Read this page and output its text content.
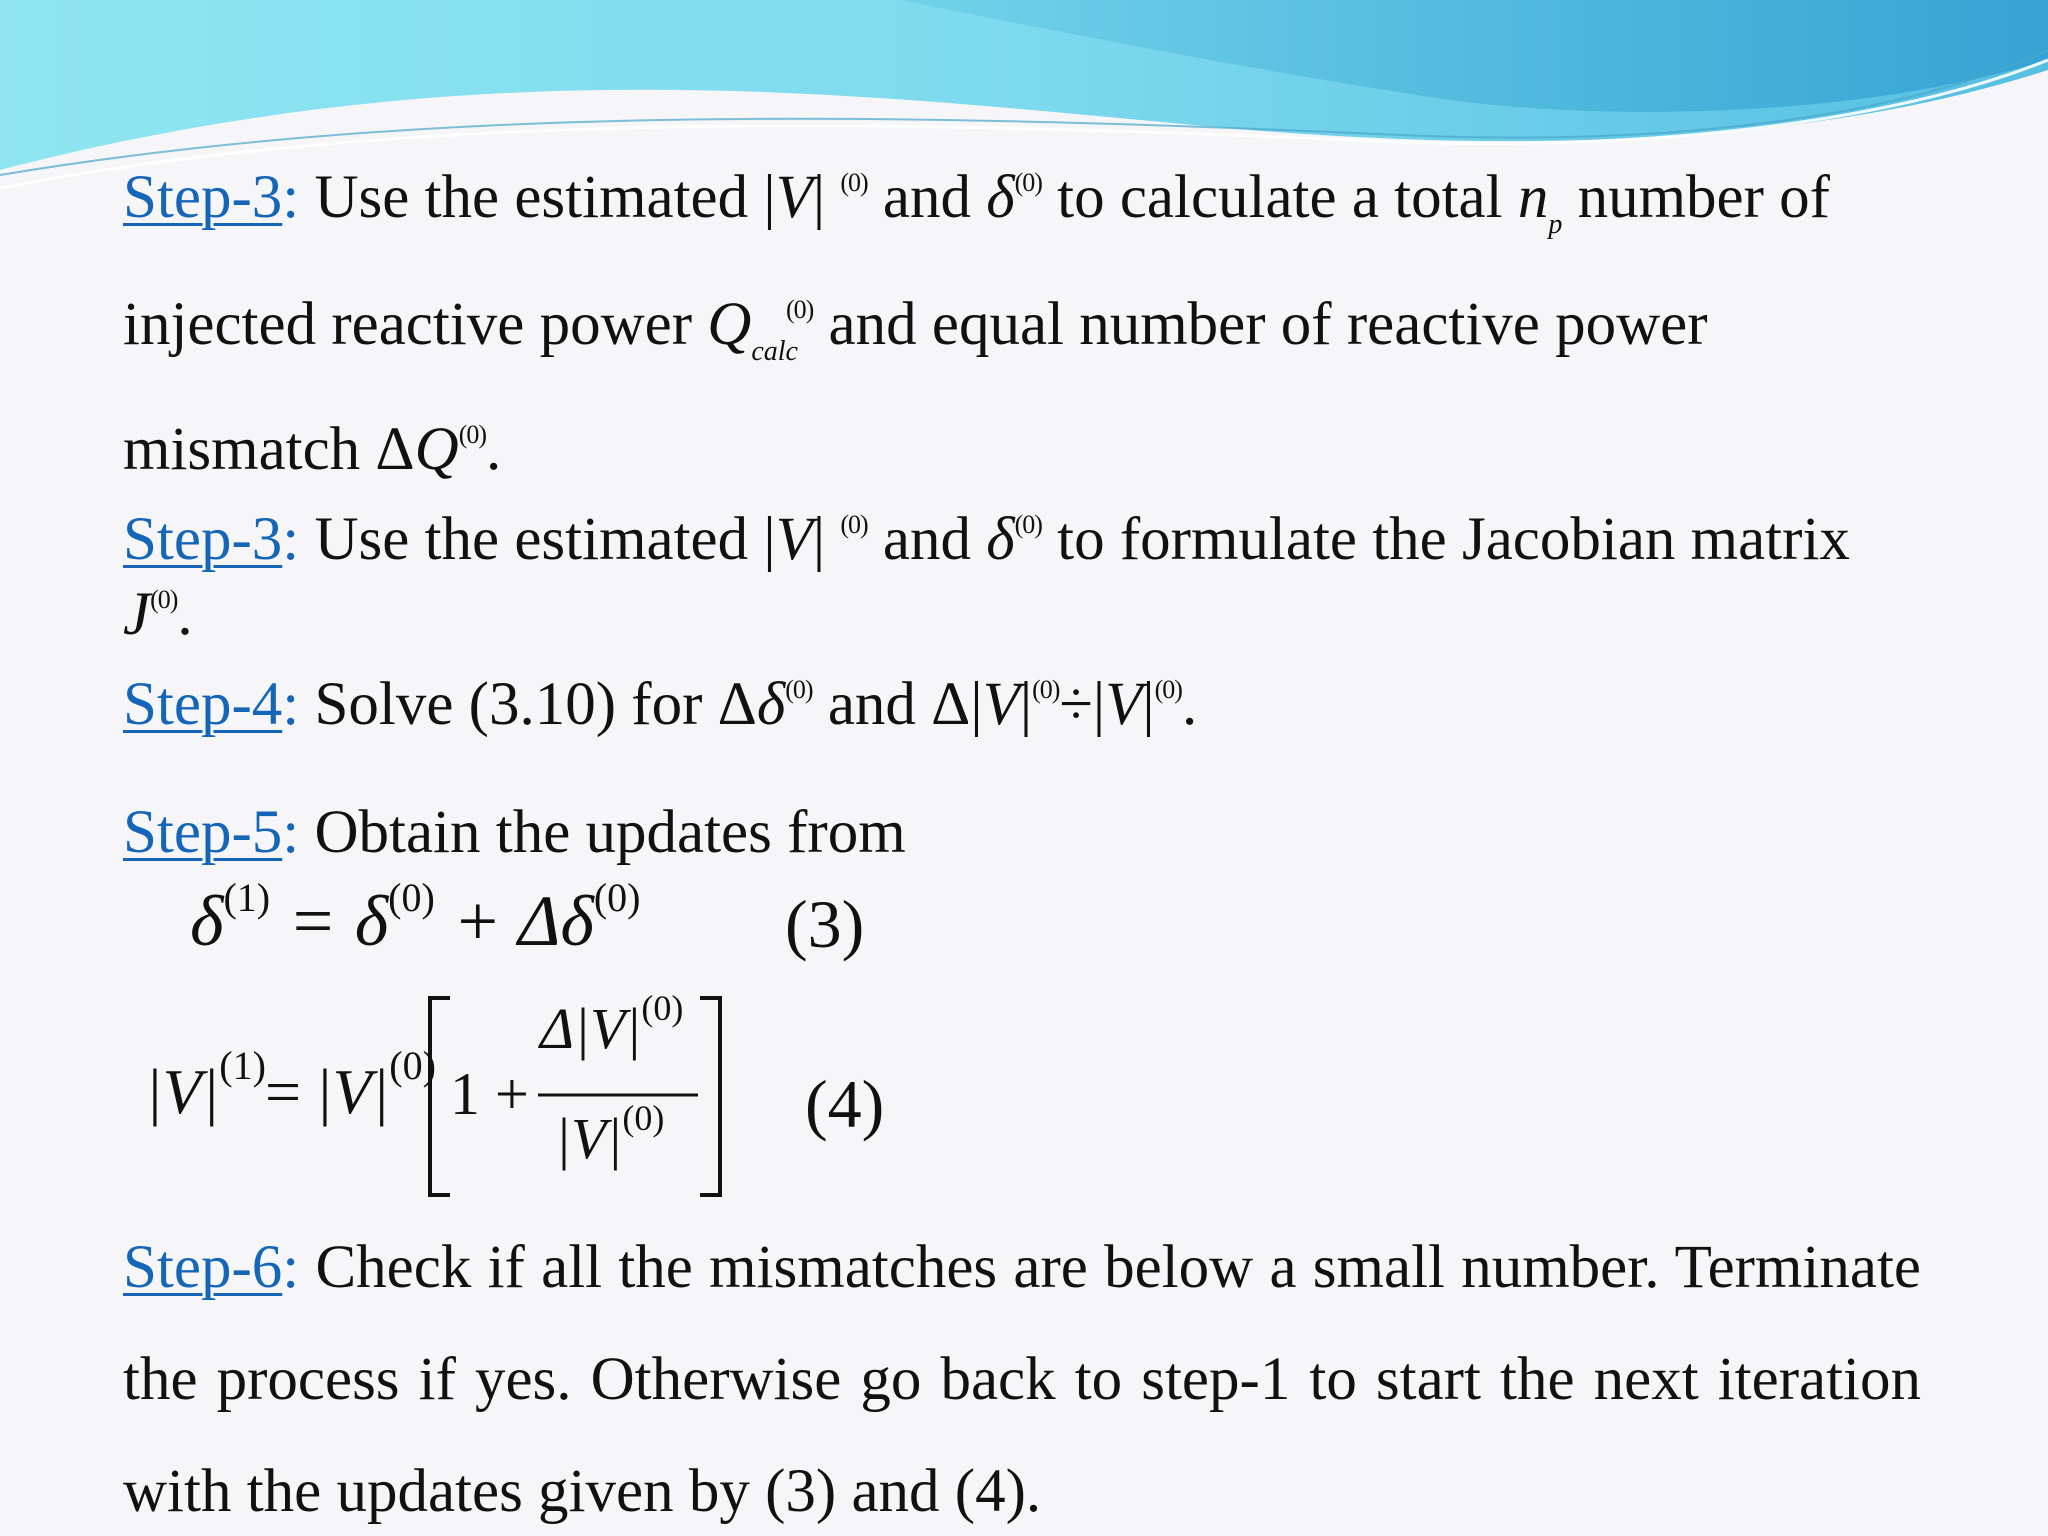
Step-3: Use the estimated |V| $^{(0)}$ and $\delta^{(0)}$ to calculate a total $n_p$ number of
injected reactive power $Q_{calc}^{(0)}$ and equal number of reactive power
mismatch ΔQ$^{(0)}$.
Step-3: Use the estimated |V| $^{(0)}$ and $\delta^{(0)}$ to formulate the Jacobian matrix
$J^{(0)}$.
Step-4: Solve (3.10) for $\Delta\delta^{(0)}$ and $\Delta|V|^{(0)}\div|V|^{(0)}$.
Step-5: Obtain the updates from
$\delta^{(1)} = \delta^{(0)} + \Delta\delta^{(0)}$ (3)
$|V|^{(1)} = |V|^{(0)}$ 1 +
$\Delta|V|^{(0)}$
$|V|^{(0)}$ (4)
Step-6: Check if all the mismatches are below a small number. Terminate the process if yes. Otherwise go back to step-1 to start the next iteration with the updates given by (3) and (4).
